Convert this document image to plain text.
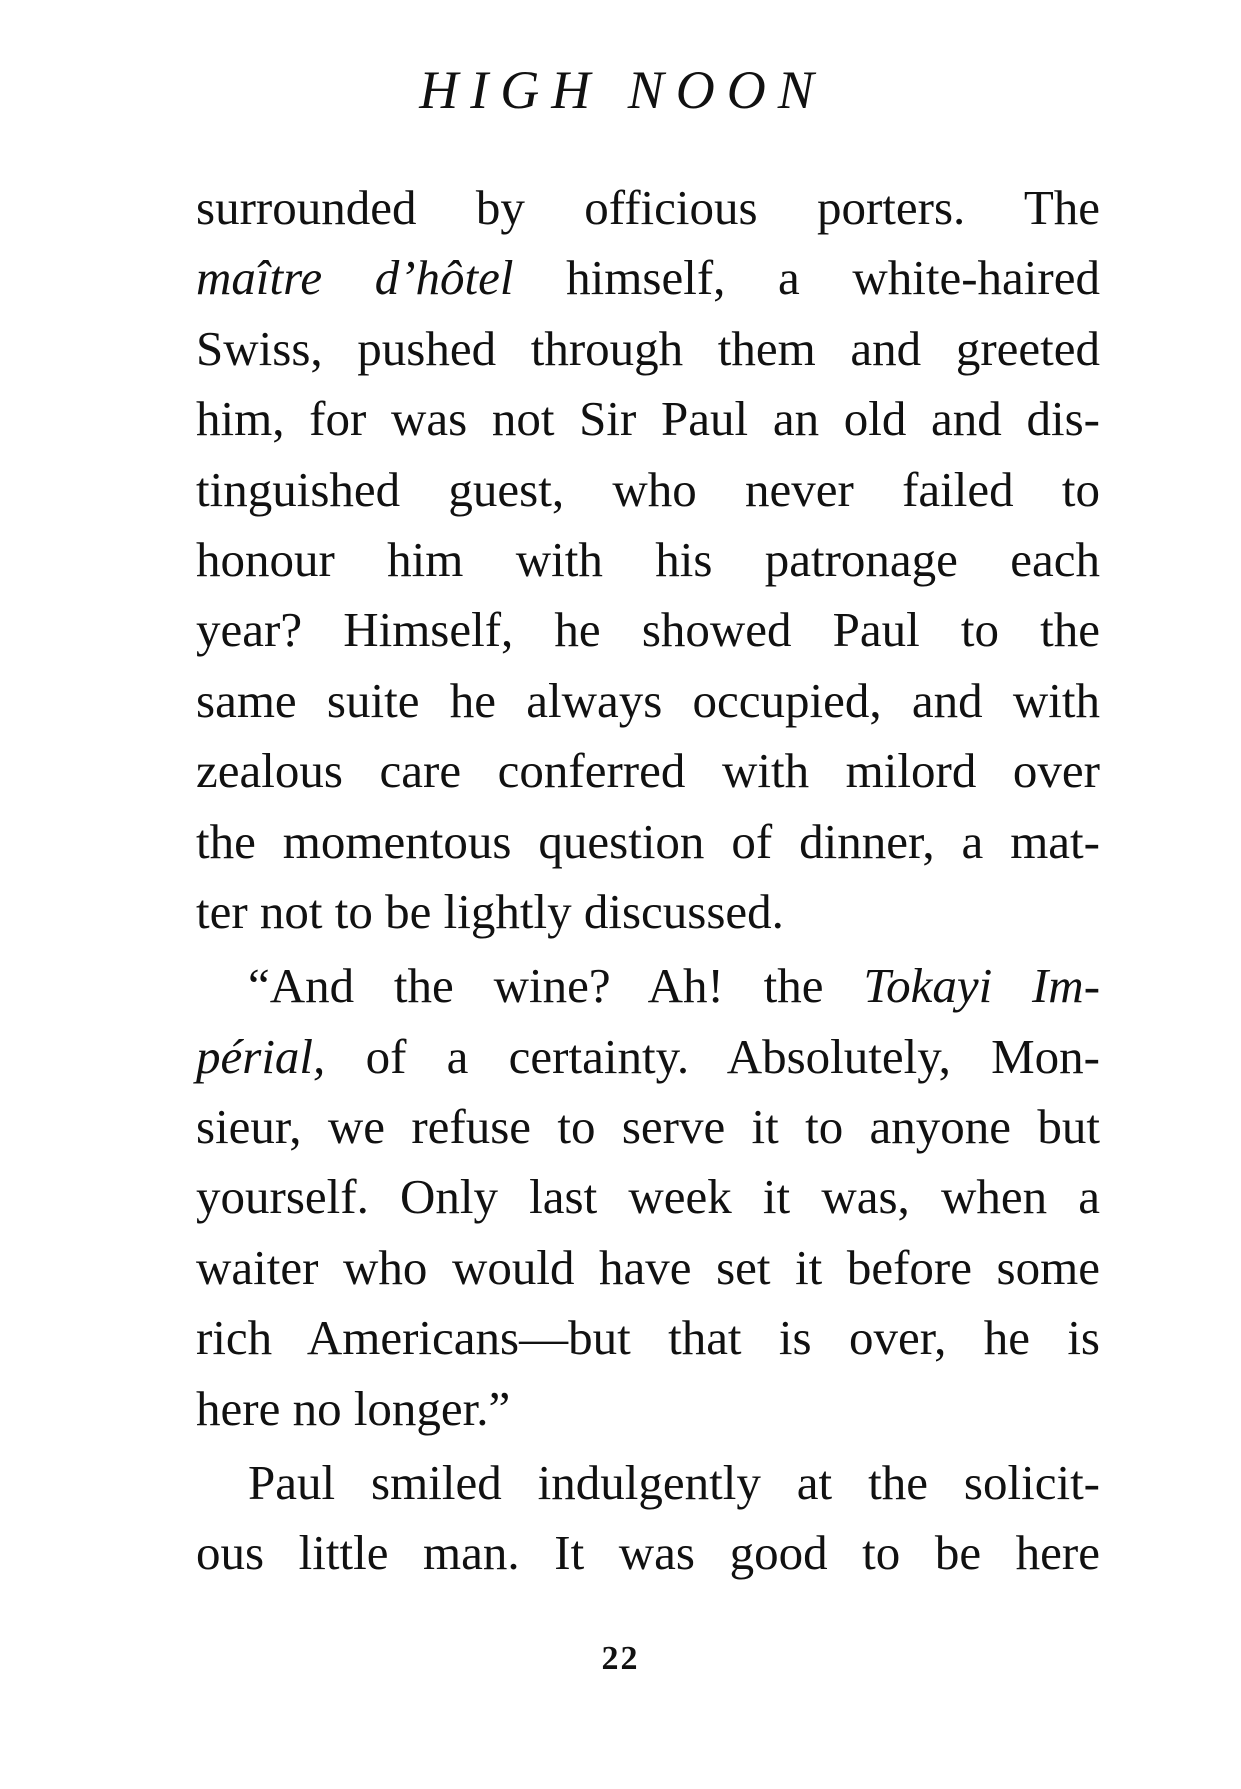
HIGH NOON
surrounded by officious porters. The
maître d’hôtel himself, a white-haired
Swiss, pushed through them and greeted
him, for was not Sir Paul an old and dis-
tinguished guest, who never failed to
honour him with his patronage each
year? Himself, he showed Paul to the
same suite he always occupied, and with
zealous care conferred with milord over
the momentous question of dinner, a mat-
ter not to be lightly discussed.
“And the wine? Ah! the Tokayi Im-
périal, of a certainty. Absolutely, Mon-
sieur, we refuse to serve it to anyone but
yourself. Only last week it was, when a
waiter who would have set it before some
rich Americans—but that is over, he is
here no longer.”
Paul smiled indulgently at the solicit-
ous little man. It was good to be here
22
